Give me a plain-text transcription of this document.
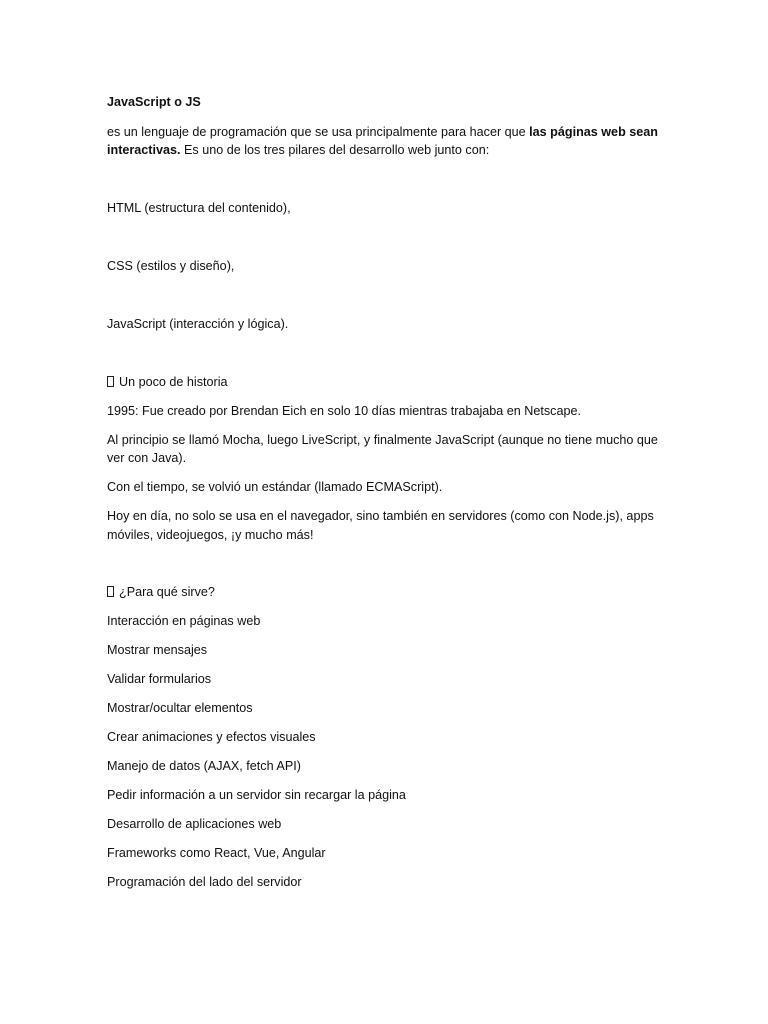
JavaScript o JS

es un lenguaje de programación que se usa principalmente para hacer que las páginas web sean interactivas. Es uno de los tres pilares del desarrollo web junto con:

HTML (estructura del contenido),

CSS (estilos y diseño),

JavaScript (interacción y lógica).

Un poco de historia

1995: Fue creado por Brendan Eich en solo 10 días mientras trabajaba en Netscape.

Al principio se llamó Mocha, luego LiveScript, y finalmente JavaScript (aunque no tiene mucho que ver con Java).

Con el tiempo, se volvió un estándar (llamado ECMAScript).

Hoy en día, no solo se usa en el navegador, sino también en servidores (como con Node.js), apps móviles, videojuegos, ¡y mucho más!

¿Para qué sirve?

Interacción en páginas web

Mostrar mensajes

Validar formularios

Mostrar/ocultar elementos

Crear animaciones y efectos visuales

Manejo de datos (AJAX, fetch API)

Pedir información a un servidor sin recargar la página

Desarrollo de aplicaciones web

Frameworks como React, Vue, Angular

Programación del lado del servidor
